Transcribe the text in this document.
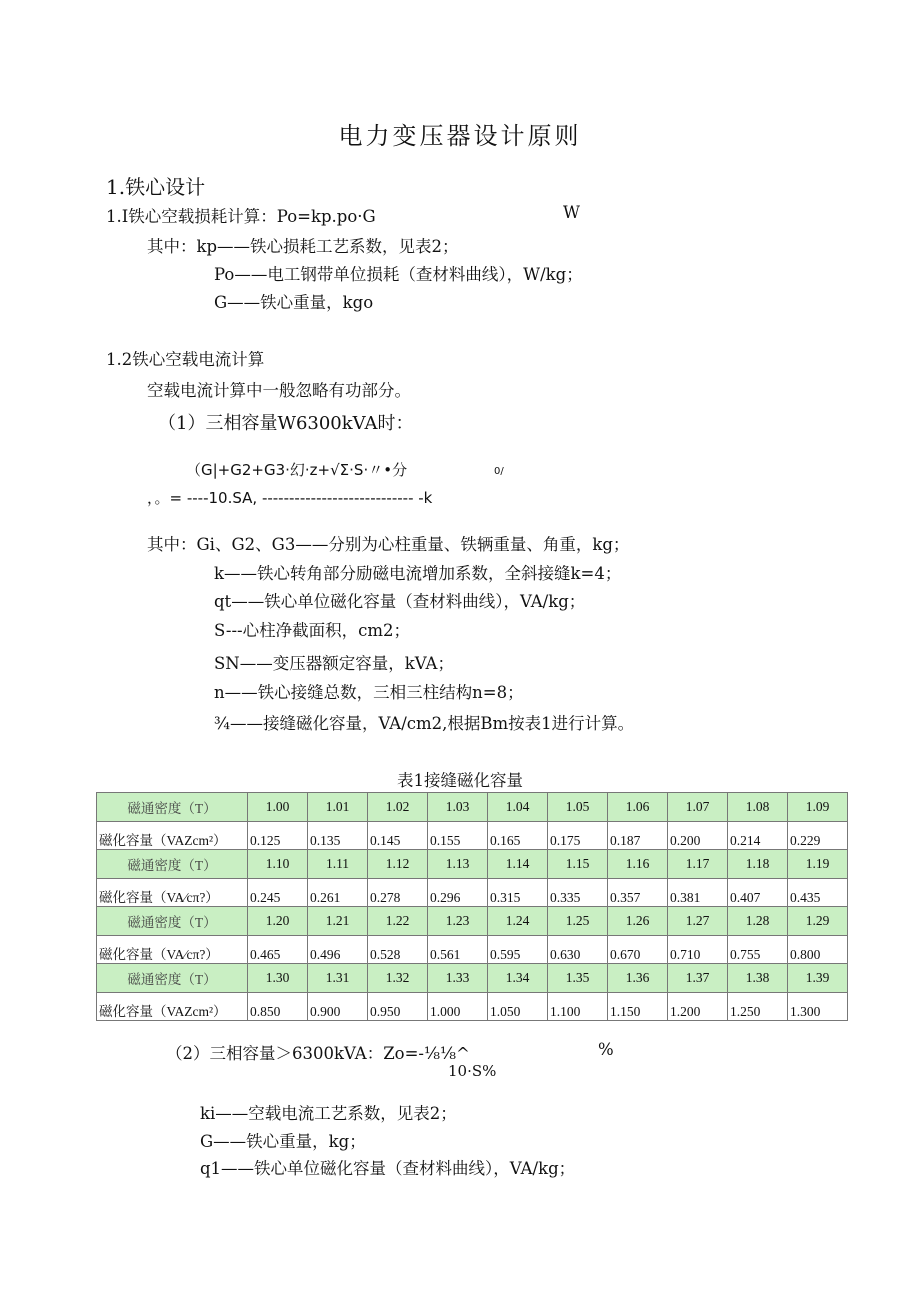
电力变压器设计原则
1.铁心设计
1.Ⅰ铁心空载损耗计算：Po=kp.po·G	W
其中：kp——铁心损耗工艺系数，见表2；
Po——电工钢带单位损耗（查材料曲线），W/kg；
G——铁心重量，kgo
1.2铁心空载电流计算
空载电流计算中一般忽略有功部分。
（1）三相容量W6300kVA时：
（G|+G2+G3·幻·z+√Σ·S·〃•分	0/
，。= ----10.SA, ---------------------------- -k
其中：Gi、G2、G3——分别为心柱重量、铁辆重量、角重，kg；
k——铁心转角部分励磁电流增加系数，全斜接缝k=4；
qt——铁心单位磁化容量（查材料曲线），VA/kg；
S---心柱净截面积，cm2；
SN——变压器额定容量，kVA；
n——铁心接缝总数，三相三柱结构n=8；
¾——接缝磁化容量，VA/cm2,根据Bm按表1进行计算。
表1接缝磁化容量
磁通密度（T）	1.00	1.01	1.02	1.03	1.04	1.05	1.06	1.07	1.08	1.09
磁化容量（VAZcm²）	0.125	0.135	0.145	0.155	0.165	0.175	0.187	0.200	0.214	0.229
磁通密度（T）	1.10	1.11	1.12	1.13	1.14	1.15	1.16	1.17	1.18	1.19
磁化容量（VA∕cπ?）	0.245	0.261	0.278	0.296	0.315	0.335	0.357	0.381	0.407	0.435
磁通密度（T）	1.20	1.21	1.22	1.23	1.24	1.25	1.26	1.27	1.28	1.29
磁化容量（VA∕cπ?）	0.465	0.496	0.528	0.561	0.595	0.630	0.670	0.710	0.755	0.800
磁通密度（T）	1.30	1.31	1.32	1.33	1.34	1.35	1.36	1.37	1.38	1.39
磁化容量（VAZcm²）	0.850	0.900	0.950	1.000	1.050	1.100	1.150	1.200	1.250	1.300
（2）三相容量＞6300kVA：Zo=-⅛⅛^	%
10·S%
ki——空载电流工艺系数，见表2；
G——铁心重量，kg；
q1——铁心单位磁化容量（查材料曲线），VA/kg；
